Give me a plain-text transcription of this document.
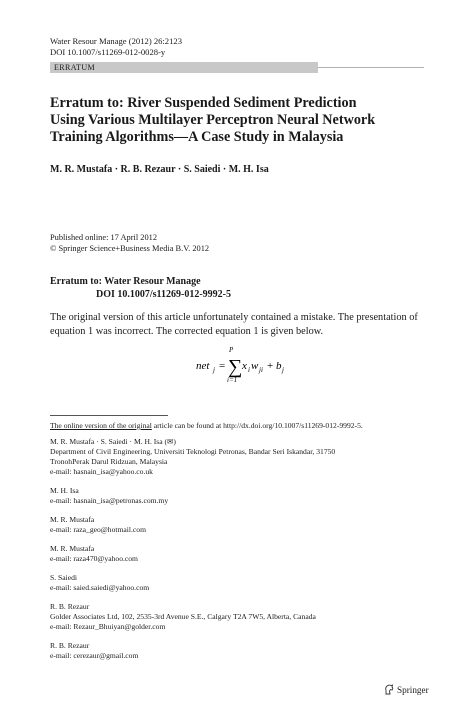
Water Resour Manage (2012) 26:2123
DOI 10.1007/s11269-012-0028-y
ERRATUM
Erratum to: River Suspended Sediment Prediction
Using Various Multilayer Perceptron Neural Network
Training Algorithms—A Case Study in Malaysia
M. R. Mustafa · R. B. Rezaur · S. Saiedi · M. H. Isa
Published online: 17 April 2012
© Springer Science+Business Media B.V. 2012
Erratum to: Water Resour Manage
DOI 10.1007/s11269-012-9992-5
The original version of this article unfortunately contained a mistake. The presentation of
equation 1 was incorrect. The corrected equation 1 is given below.
net j =
P
∑
i=1
x i w ji + b j
The online version of the original article can be found at http://dx.doi.org/10.1007/s11269-012-9992-5.
M. R. Mustafa · S. Saiedi · M. H. Isa (✉)
Department of Civil Engineering, Universiti Teknologi Petronas, Bandar Seri Iskandar, 31750
TronohPerak Darul Ridzuan, Malaysia
e-mail: hasnain_isa@yahoo.co.uk
M. H. Isa
e-mail: hasnain_isa@petronas.com.my
M. R. Mustafa
e-mail: raza_geo@hotmail.com
M. R. Mustafa
e-mail: raza470@yahoo.com
S. Saiedi
e-mail: saied.saiedi@yahoo.com
R. B. Rezaur
Golder Associates Ltd, 102, 2535-3rd Avenue S.E., Calgary T2A 7W5, Alberta, Canada
e-mail: Rezaur_Bhuiyan@golder.com
R. B. Rezaur
e-mail: cerezaur@gmail.com
Springer
